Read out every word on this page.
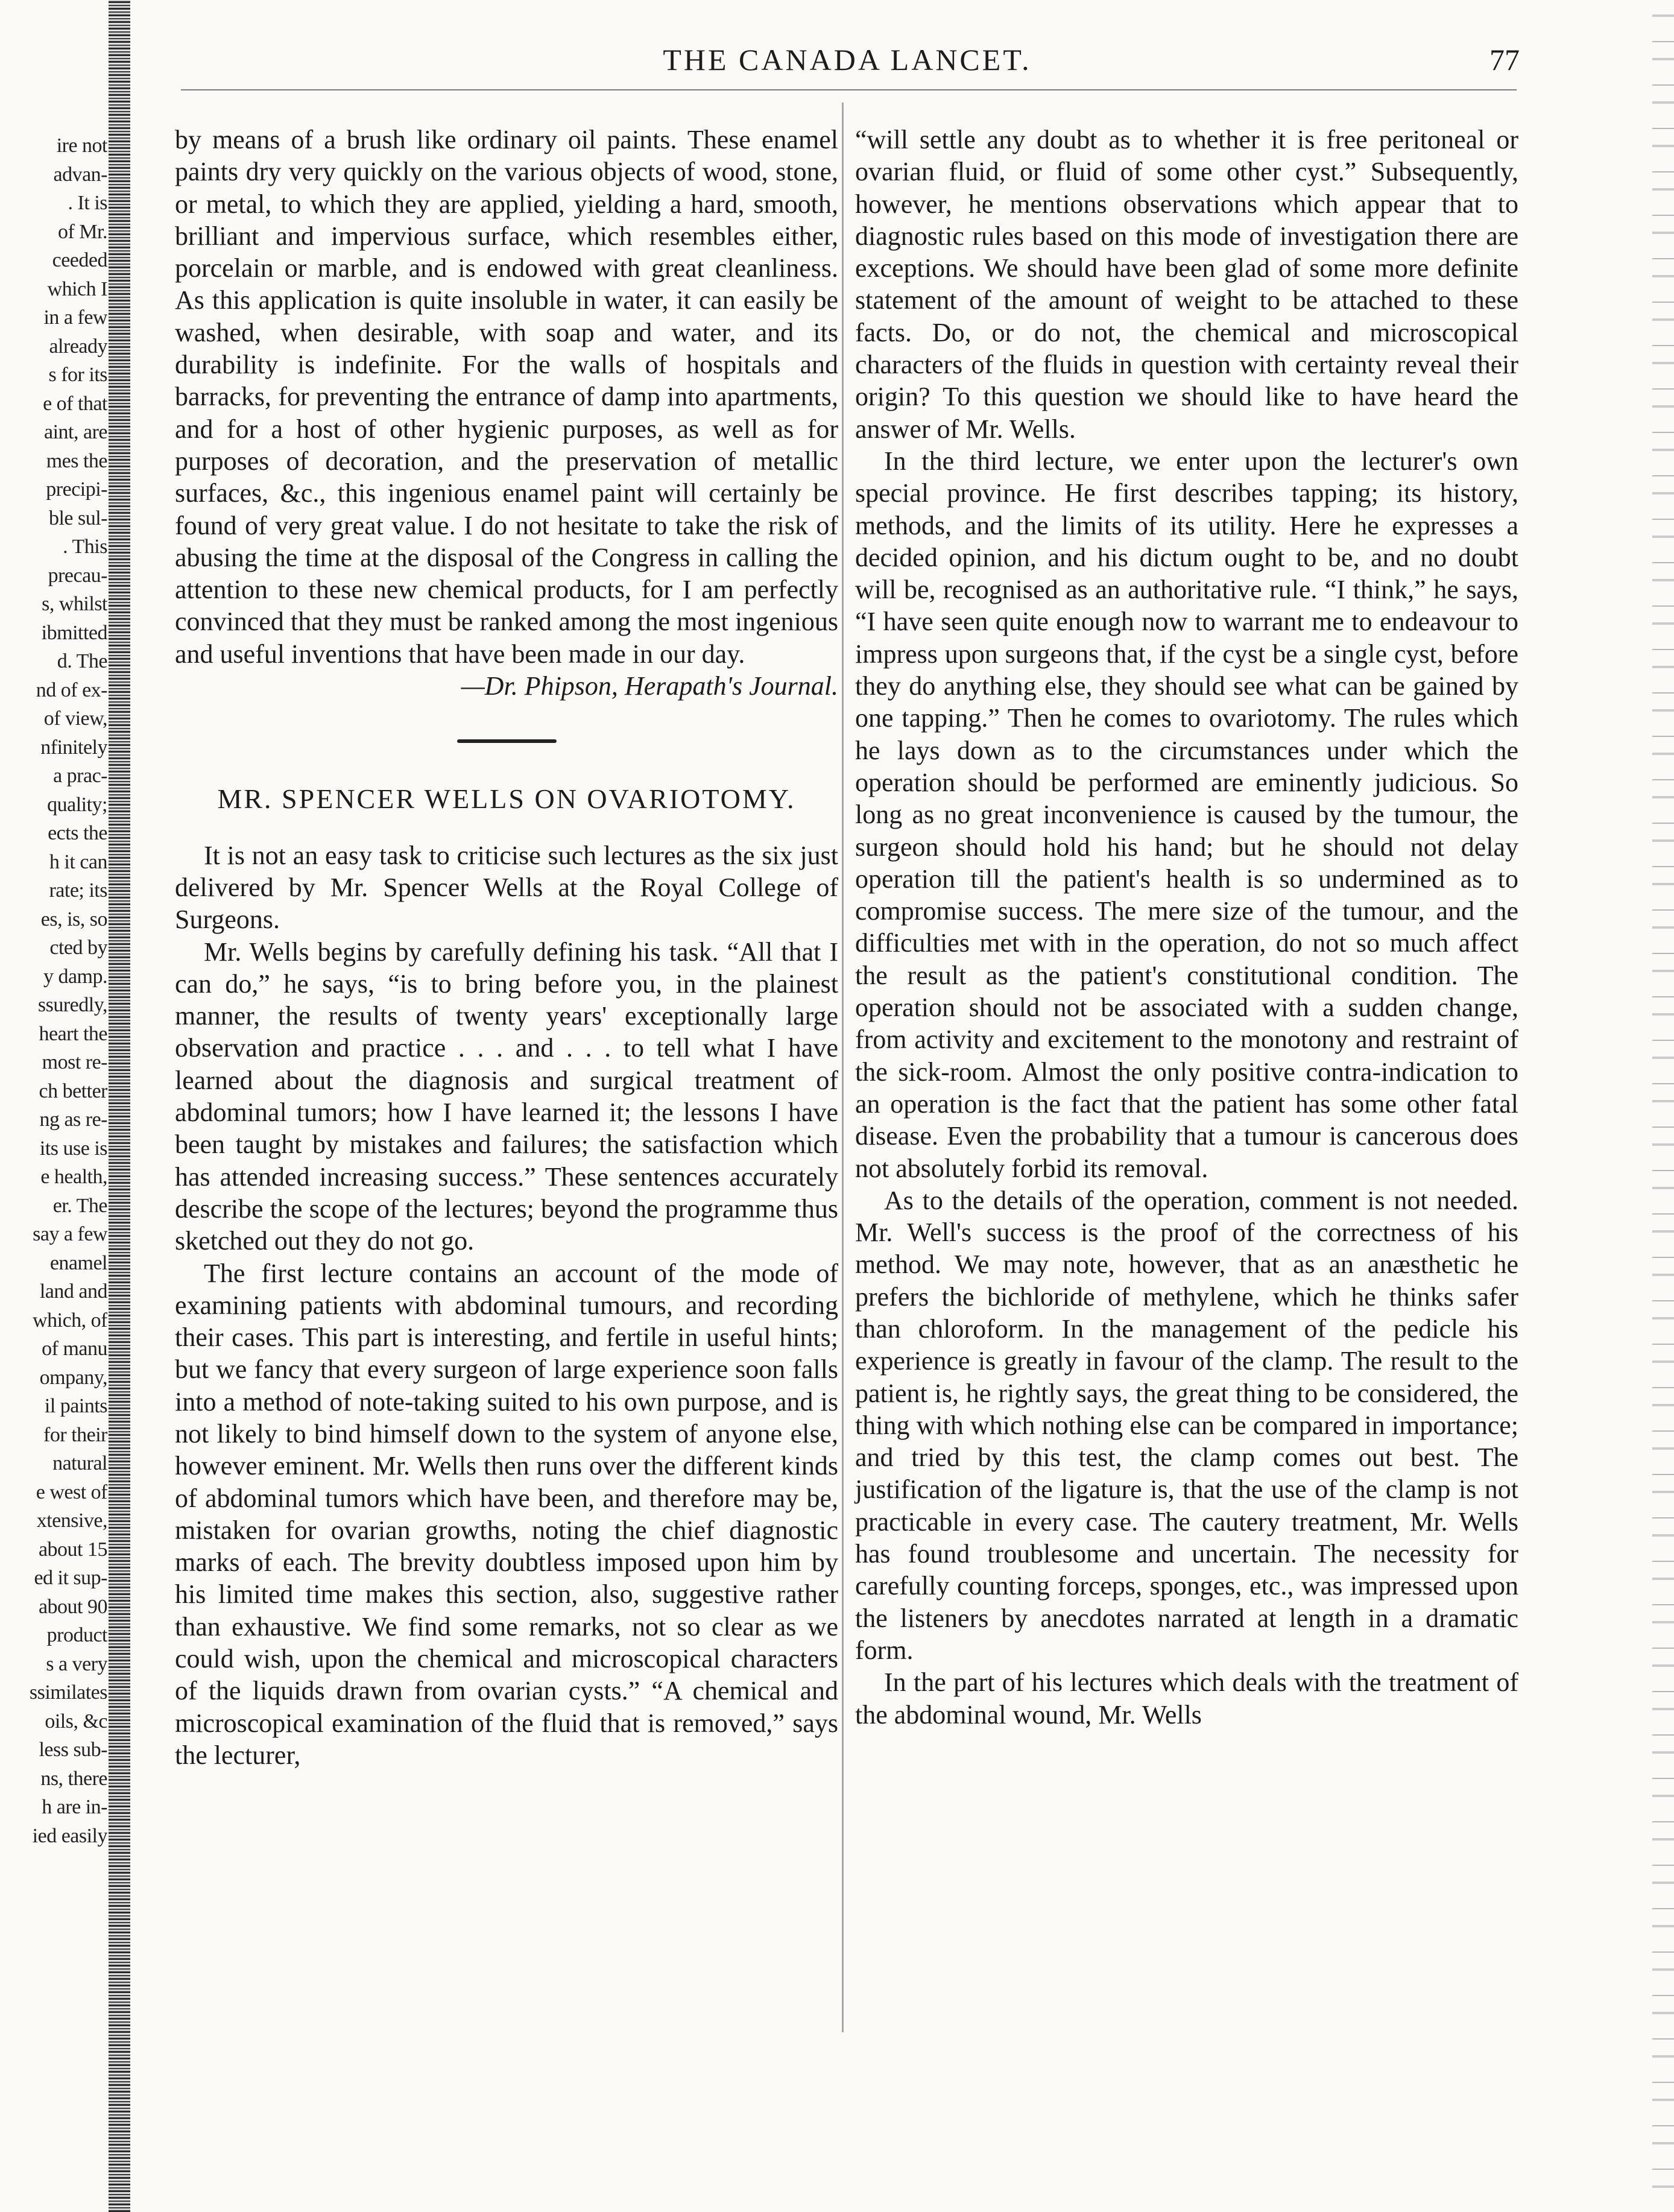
ire not
advan-
. It is
of Mr.
ceeded
which I
in a few
already
s for its
e of that
aint, are
mes the
precipi-
ble sul-
. This
precau-
s, whilst
ibmitted
d. The
nd of ex-
of view,
nfinitely
a prac-
quality;
ects the
h it can
rate; its
es, is, so
cted by
y damp.
ssuredly,
heart the
most re-
ch better
ng as re-
its use is
e health,
er. The
say a few
enamel
land and
which, of
of manu
ompany,
il paints
for their
natural
e west of
xtensive,
about 15
ed it sup-
about 90
product
s a very
ssimilates
oils, &c
less sub-
ns, there
h are in-
ied easily
THE CANADA LANCET.	77

by means of a brush like ordinary oil paints. These enamel paints dry very quickly on the various objects of wood, stone, or metal, to which they are applied, yielding a hard, smooth, brilliant and impervious surface, which resembles either, porcelain or marble, and is endowed with great cleanliness. As this application is quite insoluble in water, it can easily be washed, when desirable, with soap and water, and its durability is indefinite. For the walls of hospitals and barracks, for preventing the entrance of damp into apartments, and for a host of other hygienic purposes, as well as for purposes of decoration, and the preservation of metallic surfaces, &c., this ingenious enamel paint will certainly be found of very great value. I do not hesitate to take the risk of abusing the time at the disposal of the Congress in calling the attention to these new chemical products, for I am perfectly convinced that they must be ranked among the most ingenious and useful inventions that have been made in our day.

—Dr. Phipson, Herapath's Journal.

MR. SPENCER WELLS ON OVARIOTOMY.

It is not an easy task to criticise such lectures as the six just delivered by Mr. Spencer Wells at the Royal College of Surgeons.

Mr. Wells begins by carefully defining his task. “All that I can do,” he says, “is to bring before you, in the plainest manner, the results of twenty years' exceptionally large observation and practice . . . and . . . to tell what I have learned about the diagnosis and surgical treatment of abdominal tumors; how I have learned it; the lessons I have been taught by mistakes and failures; the satisfaction which has attended increasing success.” These sentences accurately describe the scope of the lectures; beyond the programme thus sketched out they do not go.

The first lecture contains an account of the mode of examining patients with abdominal tumours, and recording their cases. This part is interesting, and fertile in useful hints; but we fancy that every surgeon of large experience soon falls into a method of note-taking suited to his own purpose, and is not likely to bind himself down to the system of anyone else, however eminent. Mr. Wells then runs over the different kinds of abdominal tumors which have been, and therefore may be, mistaken for ovarian growths, noting the chief diagnostic marks of each. The brevity doubtless imposed upon him by his limited time makes this section, also, suggestive rather than exhaustive. We find some remarks, not so clear as we could wish, upon the chemical and microscopical characters of the liquids drawn from ovarian cysts.” “A chemical and microscopical examination of the fluid that is removed,” says the lecturer,

“will settle any doubt as to whether it is free peritoneal or ovarian fluid, or fluid of some other cyst.” Subsequently, however, he mentions observations which appear that to diagnostic rules based on this mode of investigation there are exceptions. We should have been glad of some more definite statement of the amount of weight to be attached to these facts. Do, or do not, the chemical and microscopical characters of the fluids in question with certainty reveal their origin? To this question we should like to have heard the answer of Mr. Wells.

In the third lecture, we enter upon the lecturer's own special province. He first describes tapping; its history, methods, and the limits of its utility. Here he expresses a decided opinion, and his dictum ought to be, and no doubt will be, recognised as an authoritative rule. “I think,” he says, “I have seen quite enough now to warrant me to endeavour to impress upon surgeons that, if the cyst be a single cyst, before they do anything else, they should see what can be gained by one tapping.” Then he comes to ovariotomy. The rules which he lays down as to the circumstances under which the operation should be performed are eminently judicious. So long as no great inconvenience is caused by the tumour, the surgeon should hold his hand; but he should not delay operation till the patient's health is so undermined as to compromise success. The mere size of the tumour, and the difficulties met with in the operation, do not so much affect the result as the patient's constitutional condition. The operation should not be associated with a sudden change, from activity and excitement to the monotony and restraint of the sick-room. Almost the only positive contra-indication to an operation is the fact that the patient has some other fatal disease. Even the probability that a tumour is cancerous does not absolutely forbid its removal.

As to the details of the operation, comment is not needed. Mr. Well's success is the proof of the correctness of his method. We may note, however, that as an anæsthetic he prefers the bichloride of methylene, which he thinks safer than chloroform. In the management of the pedicle his experience is greatly in favour of the clamp. The result to the patient is, he rightly says, the great thing to be considered, the thing with which nothing else can be compared in importance; and tried by this test, the clamp comes out best. The justification of the ligature is, that the use of the clamp is not practicable in every case. The cautery treatment, Mr. Wells has found troublesome and uncertain. The necessity for carefully counting forceps, sponges, etc., was impressed upon the listeners by anecdotes narrated at length in a dramatic form.

In the part of his lectures which deals with the treatment of the abdominal wound, Mr. Wells
